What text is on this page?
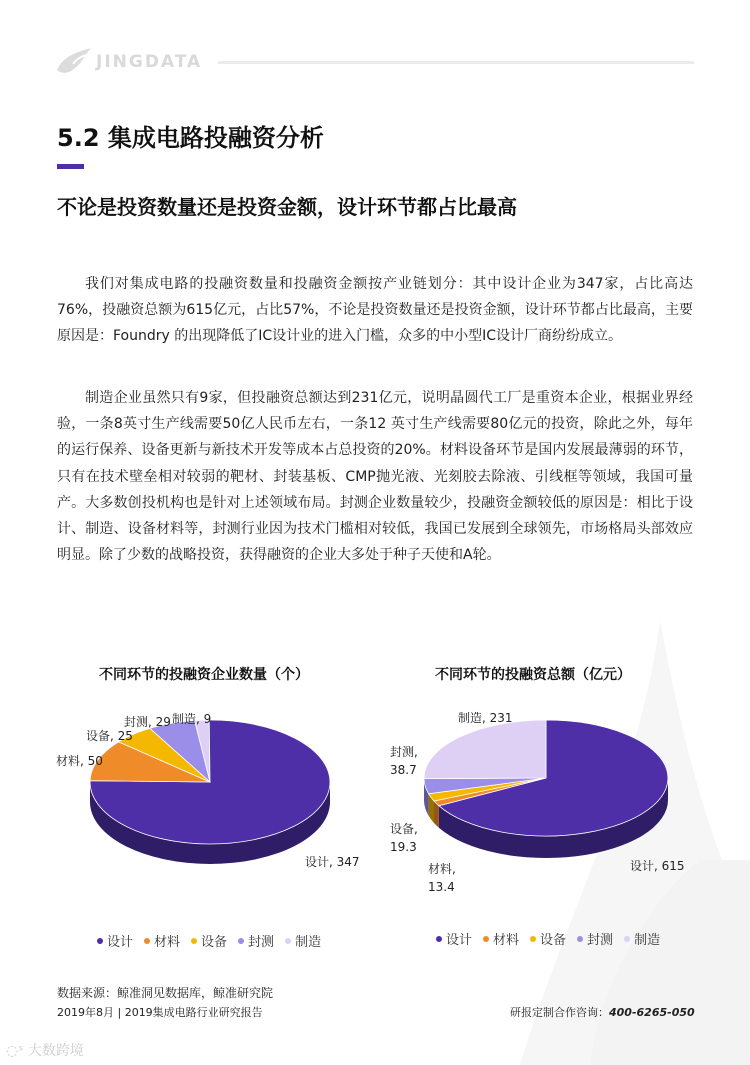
JINGDATA
5.2 集成电路投融资分析
不论是投资数量还是投资金额，设计环节都占比最高
我们对集成电路的投融资数量和投融资金额按产业链划分：其中设计企业为347家，占比高达76%，投融资总额为615亿元，占比57%，不论是投资数量还是投资金额，设计环节都占比最高，主要原因是：Foundry 的出现降低了IC设计业的进入门槛，众多的中小型IC设计厂商纷纷成立。
制造企业虽然只有9家，但投融资总额达到231亿元，说明晶圆代工厂是重资本企业，根据业界经验，一条8英寸生产线需要50亿人民币左右，一条12 英寸生产线需要80亿元的投资，除此之外，每年的运行保养、设备更新与新技术开发等成本占总投资的20%。材料设备环节是国内发展最薄弱的环节，只有在技术壁垒相对较弱的靶材、封装基板、CMP抛光液、光刻胶去除液、引线框等领域，我国可量产。大多数创投机构也是针对上述领域布局。封测企业数量较少，投融资金额较低的原因是：相比于设计、制造、设备材料等，封测行业因为技术门槛相对较低，我国已发展到全球领先，市场格局头部效应明显。除了少数的战略投资，获得融资的企业大多处于种子天使和A轮。
不同环节的投融资企业数量（个）
设计, 347
材料, 50
设备, 25
封测, 29 制造, 9
设计 材料 设备 封测 制造
不同环节的投融资总额（亿元）
设计, 615
材料,
13.4
设备,
19.3
封测,
38.7
制造, 231
设计 材料 设备 封测 制造
数据来源：鲸准洞见数据库，鲸准研究院
2019年8月 | 2019集成电路行业研究报告	研报定制合作咨询：400-6265-050
◌ˢ 大数跨境
